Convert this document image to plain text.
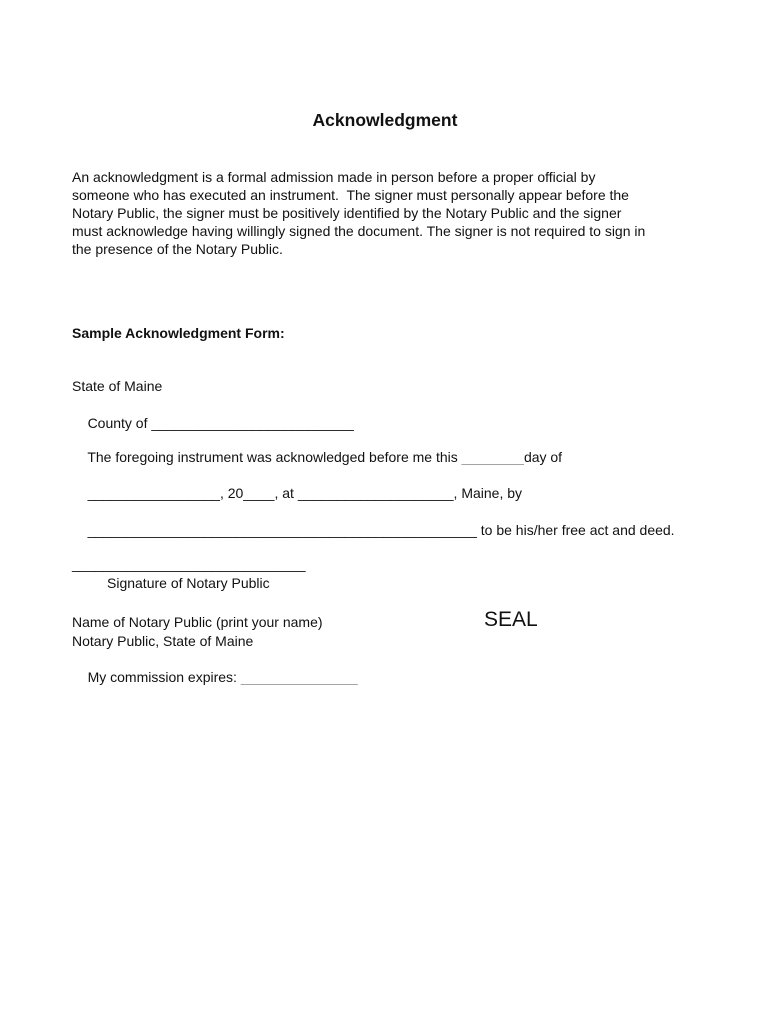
Acknowledgment
An acknowledgment is a formal admission made in person before a proper official by
someone who has executed an instrument.  The signer must personally appear before the
Notary Public, the signer must be positively identified by the Notary Public and the signer
must acknowledge having willingly signed the document. The signer is not required to sign in
the presence of the Notary Public.
Sample Acknowledgment Form:
State of Maine

County of __________________________

The foregoing instrument was acknowledged before me this ________day of

_________________, 20____, at ____________________, Maine, by

__________________________________________________ to be his/her free act and deed.

______________________________
Signature of Notary Public
Name of Notary Public (print your name)	SEAL
Notary Public, State of Maine

My commission expires: _______________
